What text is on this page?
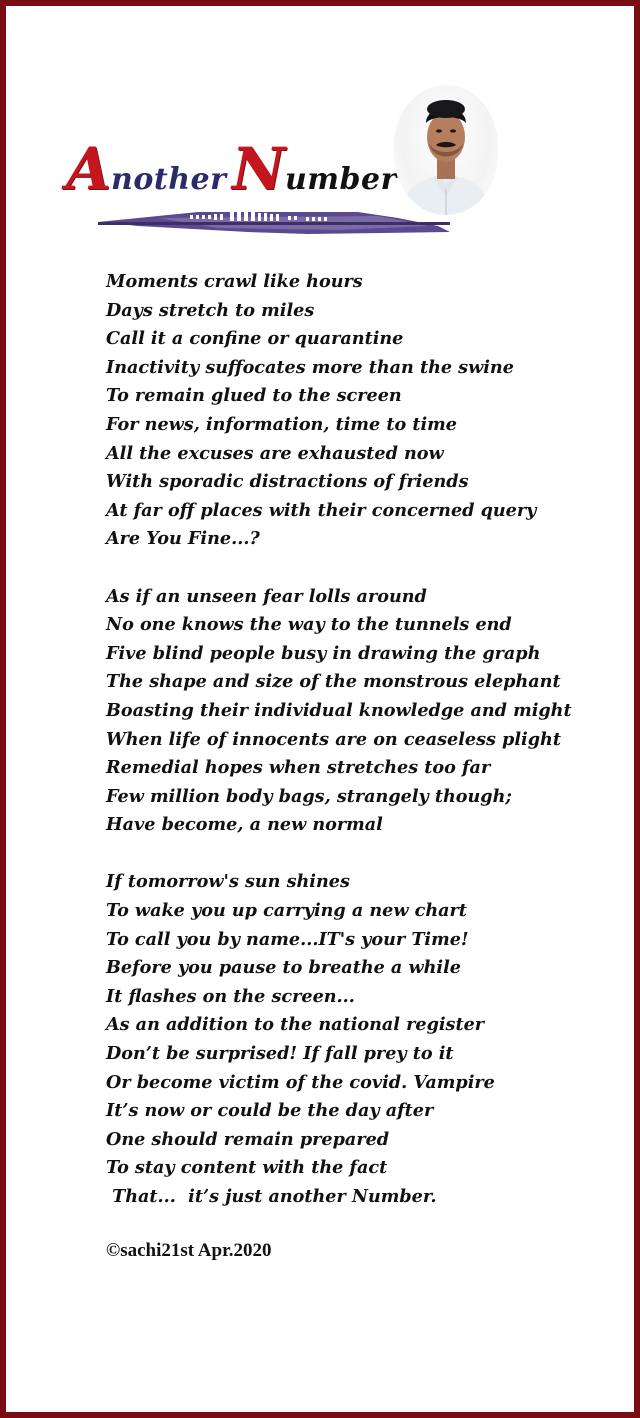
Another Number
Moments crawl like hours
Days stretch to miles
Call it a confine or quarantine
Inactivity suffocates more than the swine
To remain glued to the screen
For news, information, time to time
All the excuses are exhausted now
With sporadic distractions of friends
At far off places with their concerned query
Are You Fine...?
As if an unseen fear lolls around
No one knows the way to the tunnels end
Five blind people busy in drawing the graph
The shape and size of the monstrous elephant
Boasting their individual knowledge and might
When life of innocents are on ceaseless plight
Remedial hopes when stretches too far
Few million body bags, strangely though;
Have become, a new normal
If tomorrow's sun shines
To wake you up carrying a new chart
To call you by name...IT's your Time!
Before you pause to breathe a while
It flashes on the screen...
As an addition to the national register
Don’t be surprised! If fall prey to it
Or become victim of the covid. Vampire
It’s now or could be the day after
One should remain prepared
To stay content with the fact
That...  it’s just another Number.
©sachi21st Apr.2020
